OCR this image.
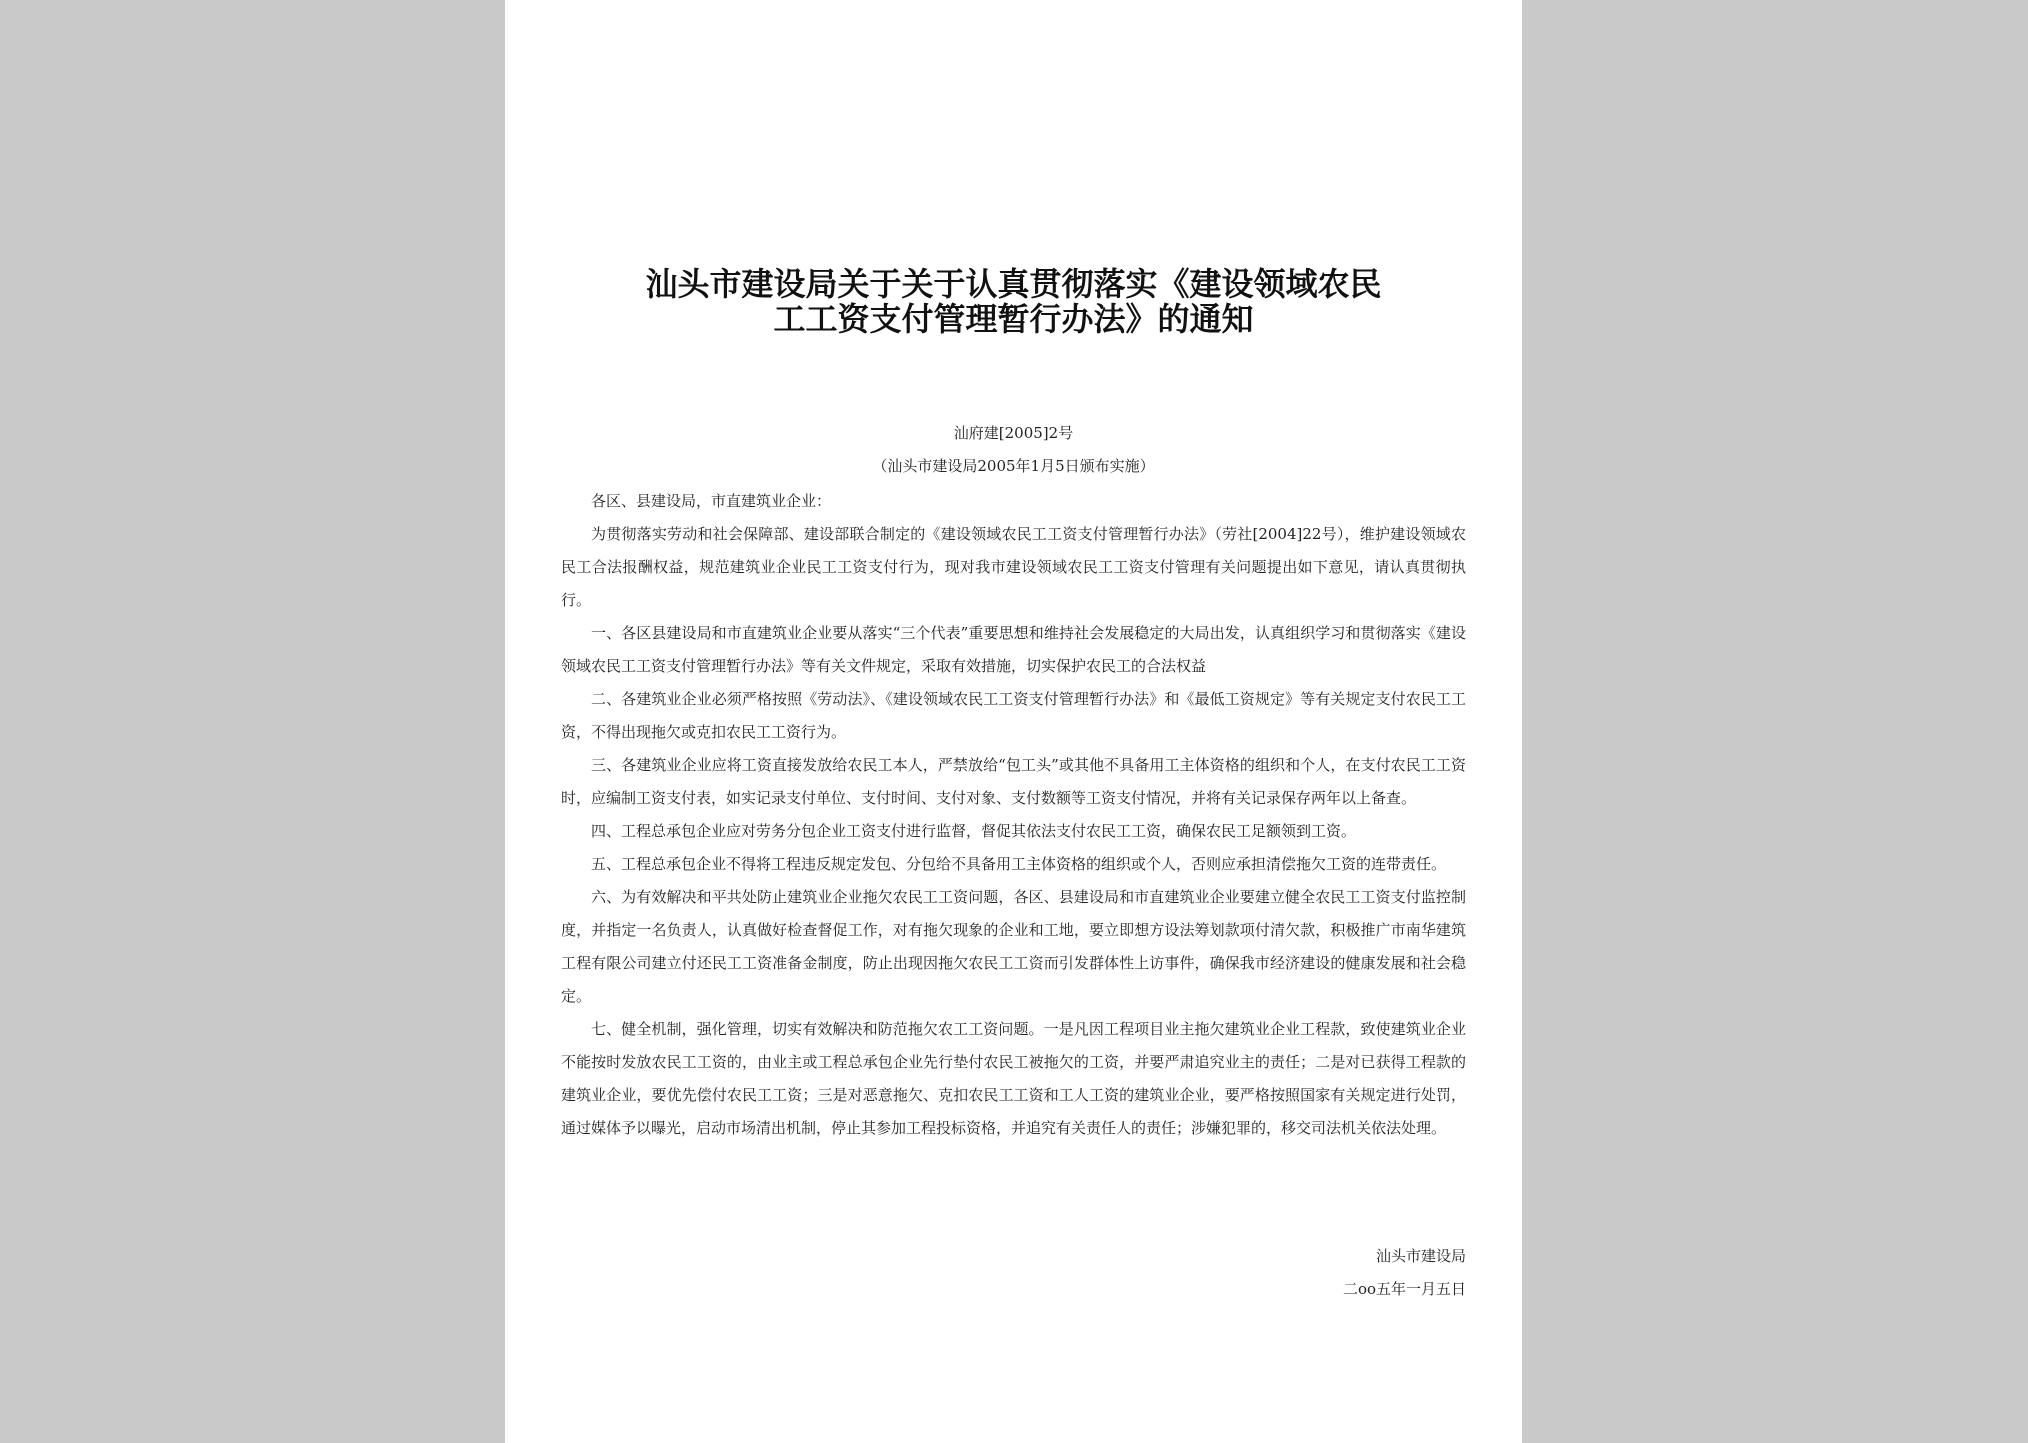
汕头市建设局关于关于认真贯彻落实《建设领域农民
工工资支付管理暂行办法》的通知
汕府建[2005]2号
（汕头市建设局2005年1月5日颁布实施）

各区、县建设局，市直建筑业企业：

为贯彻落实劳动和社会保障部、建设部联合制定的《建设领域农民工工资支付管理暂行办法》（劳社[2004]22号），维护建设领域农民工合法报酬权益，规范建筑业企业民工工资支付行为，现对我市建设领域农民工工资支付管理有关问题提出如下意见，请认真贯彻执行。

一、各区县建设局和市直建筑业企业要从落实“三个代表”重要思想和维持社会发展稳定的大局出发，认真组织学习和贯彻落实《建设领域农民工工资支付管理暂行办法》等有关文件规定，采取有效措施，切实保护农民工的合法权益

二、各建筑业企业必须严格按照《劳动法》、《建设领域农民工工资支付管理暂行办法》和《最低工资规定》等有关规定支付农民工工资，不得出现拖欠或克扣农民工工资行为。

三、各建筑业企业应将工资直接发放给农民工本人，严禁放给“包工头”或其他不具备用工主体资格的组织和个人，在支付农民工工资时，应编制工资支付表，如实记录支付单位、支付时间、支付对象、支付数额等工资支付情况，并将有关记录保存两年以上备查。

四、工程总承包企业应对劳务分包企业工资支付进行监督，督促其依法支付农民工工资，确保农民工足额领到工资。

五、工程总承包企业不得将工程违反规定发包、分包给不具备用工主体资格的组织或个人，否则应承担清偿拖欠工资的连带责任。

六、为有效解决和平共处防止建筑业企业拖欠农民工工资问题，各区、县建设局和市直建筑业企业要建立健全农民工工资支付监控制度，并指定一名负责人，认真做好检查督促工作，对有拖欠现象的企业和工地，要立即想方设法筹划款项付清欠款，积极推广市南华建筑工程有限公司建立付还民工工资准备金制度，防止出现因拖欠农民工工资而引发群体性上访事件，确保我市经济建设的健康发展和社会稳定。

七、健全机制，强化管理，切实有效解决和防范拖欠农工工资问题。一是凡因工程项目业主拖欠建筑业企业工程款，致使建筑业企业不能按时发放农民工工资的，由业主或工程总承包企业先行垫付农民工被拖欠的工资，并要严肃追究业主的责任；二是对已获得工程款的建筑业企业，要优先偿付农民工工资；三是对恶意拖欠、克扣农民工工资和工人工资的建筑业企业，要严格按照国家有关规定进行处罚，通过媒体予以曝光，启动市场清出机制，停止其参加工程投标资格，并追究有关责任人的责任；涉嫌犯罪的，移交司法机关依法处理。

汕头市建设局
二oo五年一月五日
